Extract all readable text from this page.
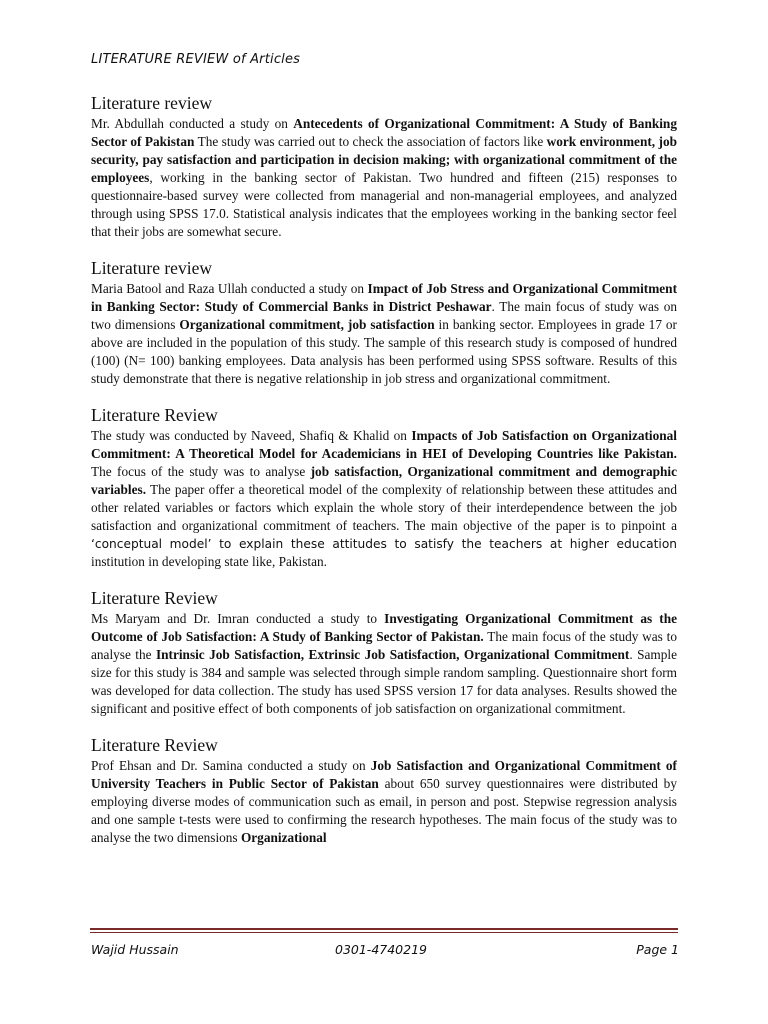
LITERATURE REVIEW of Articles
Literature review

Mr. Abdullah conducted a study on Antecedents of Organizational Commitment: A Study of Banking Sector of Pakistan The study was carried out to check the association of factors like work environment, job security, pay satisfaction and participation in decision making; with organizational commitment of the employees, working in the banking sector of Pakistan. Two hundred and fifteen (215) responses to questionnaire-based survey were collected from managerial and non-managerial employees, and analyzed through using SPSS 17.0. Statistical analysis indicates that the employees working in the banking sector feel that their jobs are somewhat secure.

Literature review

Maria Batool and Raza Ullah conducted a study on Impact of Job Stress and Organizational Commitment in Banking Sector: Study of Commercial Banks in District Peshawar. The main focus of study was on two dimensions Organizational commitment, job satisfaction in banking sector. Employees in grade 17 or above are included in the population of this study. The sample of this research study is composed of hundred (100) (N= 100) banking employees. Data analysis has been performed using SPSS software. Results of this study demonstrate that there is negative relationship in job stress and organizational commitment.

Literature Review

The study was conducted by Naveed, Shafiq & Khalid on Impacts of Job Satisfaction on Organizational Commitment: A Theoretical Model for Academicians in HEI of Developing Countries like Pakistan. The focus of the study was to analyse job satisfaction, Organizational commitment and demographic variables. The paper offer a theoretical model of the complexity of relationship between these attitudes and other related variables or factors which explain the whole story of their interdependence between the job satisfaction and organizational commitment of teachers. The main objective of the paper is to pinpoint a ‘conceptual model’ to explain these attitudes to satisfy the teachers at higher education institution in developing state like, Pakistan.

Literature Review

Ms Maryam and Dr. Imran conducted a study to Investigating Organizational Commitment as the Outcome of Job Satisfaction: A Study of Banking Sector of Pakistan. The main focus of the study was to analyse the Intrinsic Job Satisfaction, Extrinsic Job Satisfaction, Organizational Commitment. Sample size for this study is 384 and sample was selected through simple random sampling. Questionnaire short form was developed for data collection. The study has used SPSS version 17 for data analyses. Results showed the significant and positive effect of both components of job satisfaction on organizational commitment.

Literature Review

Prof Ehsan and Dr. Samina conducted a study on Job Satisfaction and Organizational Commitment of University Teachers in Public Sector of Pakistan about 650 survey questionnaires were distributed by employing diverse modes of communication such as email, in person and post. Stepwise regression analysis and one sample t-tests were used to confirming the research hypotheses. The main focus of the study was to analyse the two dimensions Organizational

Wajid Hussain	0301-4740219	Page 1
